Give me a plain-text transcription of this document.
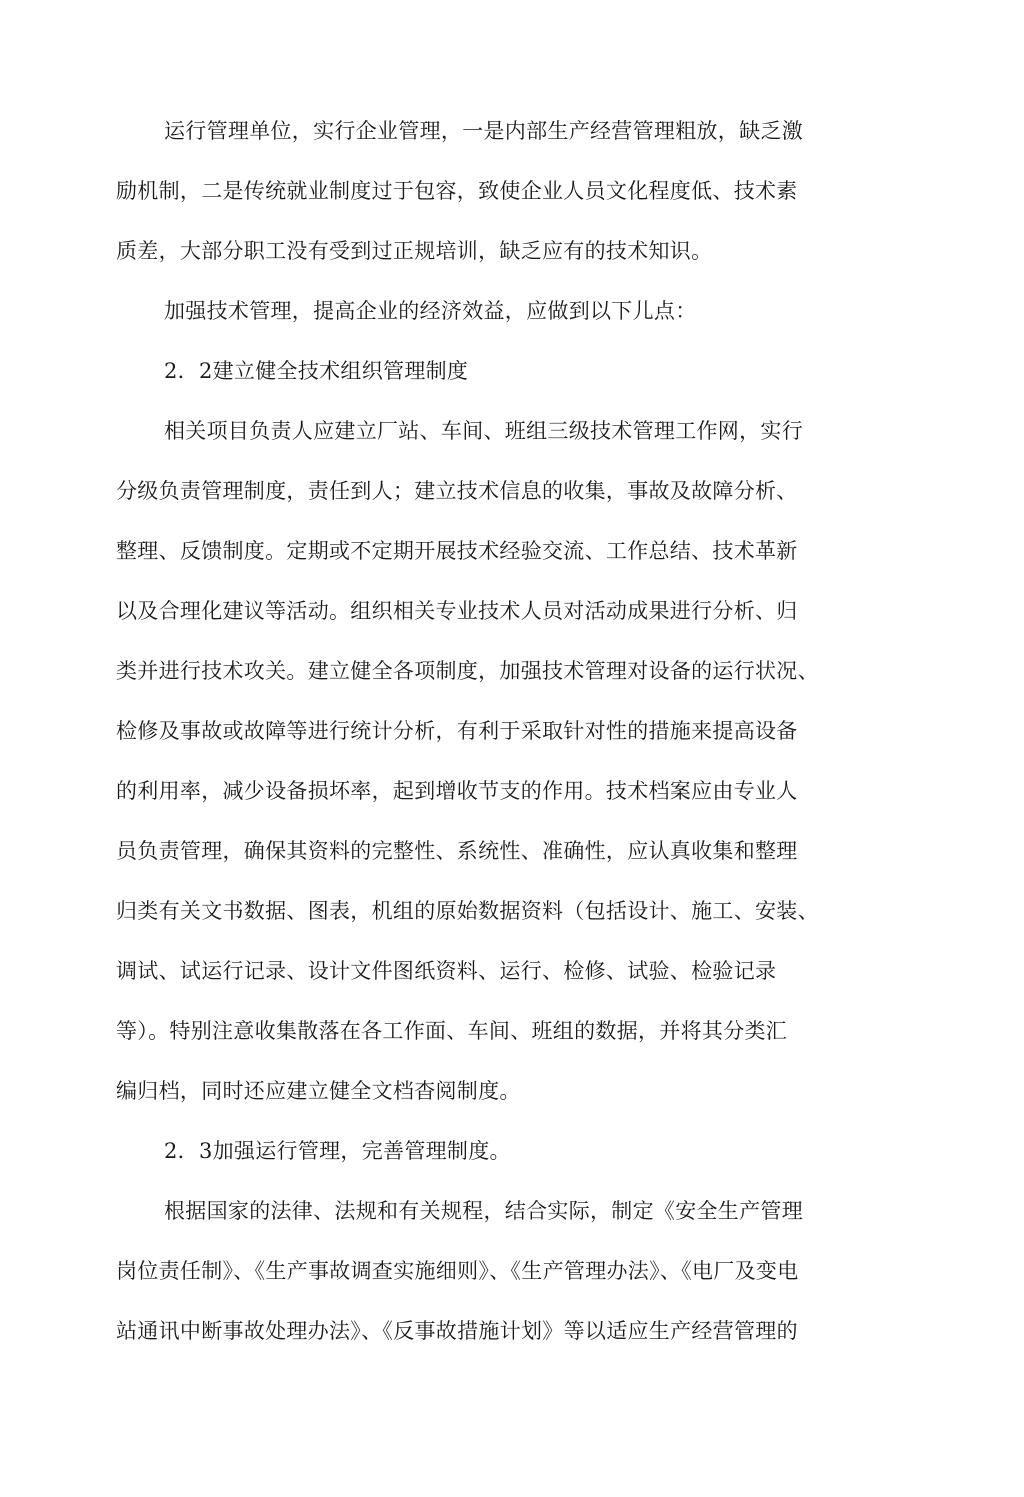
运行管理单位，实行企业管理，一是内部生产经营管理粗放，缺乏激
励机制，二是传统就业制度过于包容，致使企业人员文化程度低、技术素
质差，大部分职工没有受到过正规培训，缺乏应有的技术知识。
加强技术管理，提高企业的经济效益，应做到以下儿点：
2．2建立健全技术组织管理制度
相关项目负责人应建立厂站、车间、班组三级技术管理工作网，实行
分级负责管理制度，责任到人；建立技术信息的收集，事故及故障分析、
整理、反馈制度。定期或不定期开展技术经验交流、工作总结、技术革新
以及合理化建议等活动。组织相关专业技术人员对活动成果进行分析、归
类并进行技术攻关。建立健全各项制度，加强技术管理对设备的运行状况、
检修及事故或故障等进行统计分析，有利于采取针对性的措施来提高设备
的利用率，减少设备损坏率，起到增收节支的作用。技术档案应由专业人
员负责管理，确保其资料的完整性、系统性、准确性，应认真收集和整理
归类有关文书数据、图表，机组的原始数据资料（包括设计、施工、安装、
调试、试运行记录、设计文件图纸资料、运行、检修、试验、检验记录
等）。特别注意收集散落在各工作面、车间、班组的数据，并将其分类汇
编归档，同时还应建立健全文档杳阅制度。
2．3加强运行管理，完善管理制度。
根据国家的法律、法规和有关规程，结合实际，制定《安全生产管理
岗位责任制》、《生产事故调查实施细则》、《生产管理办法》、《电厂及变电
站通讯中断事故处理办法》、《反事故措施计划》等以适应生产经营管理的
